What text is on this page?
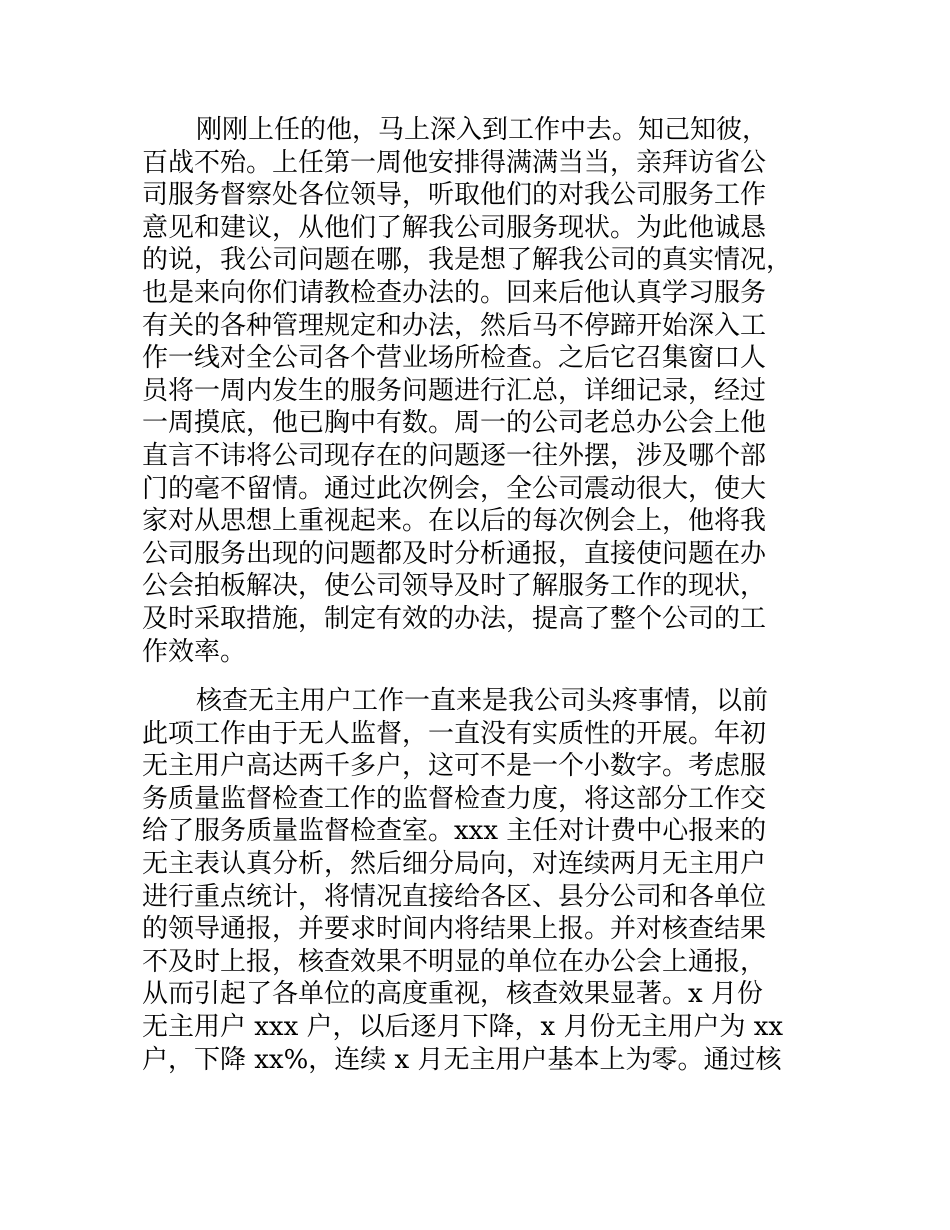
刚刚上任的他，马上深入到工作中去。知己知彼，
百战不殆。上任第一周他安排得满满当当，亲拜访省公
司服务督察处各位领导，听取他们的对我公司服务工作
意见和建议，从他们了解我公司服务现状。为此他诚恳
的说，我公司问题在哪，我是想了解我公司的真实情况，
也是来向你们请教检查办法的。回来后他认真学习服务
有关的各种管理规定和办法，然后马不停蹄开始深入工
作一线对全公司各个营业场所检查。之后它召集窗口人
员将一周内发生的服务问题进行汇总，详细记录，经过
一周摸底，他已胸中有数。周一的公司老总办公会上他
直言不讳将公司现存在的问题逐一往外摆，涉及哪个部
门的毫不留情。通过此次例会，全公司震动很大，使大
家对从思想上重视起来。在以后的每次例会上，他将我
公司服务出现的问题都及时分析通报，直接使问题在办
公会拍板解决，使公司领导及时了解服务工作的现状，
及时采取措施，制定有效的办法，提高了整个公司的工
作效率。
核查无主用户工作一直来是我公司头疼事情，以前
此项工作由于无人监督，一直没有实质性的开展。年初
无主用户高达两千多户，这可不是一个小数字。考虑服
务质量监督检查工作的监督检查力度，将这部分工作交
给了服务质量监督检查室。xxx 主任对计费中心报来的
无主表认真分析，然后细分局向，对连续两月无主用户
进行重点统计，将情况直接给各区、县分公司和各单位
的领导通报，并要求时间内将结果上报。并对核查结果
不及时上报，核查效果不明显的单位在办公会上通报，
从而引起了各单位的高度重视，核查效果显著。x 月份
无主用户 xxx 户，以后逐月下降，x 月份无主用户为 xx
户，下降 xx%，连续 x 月无主用户基本上为零。通过核
